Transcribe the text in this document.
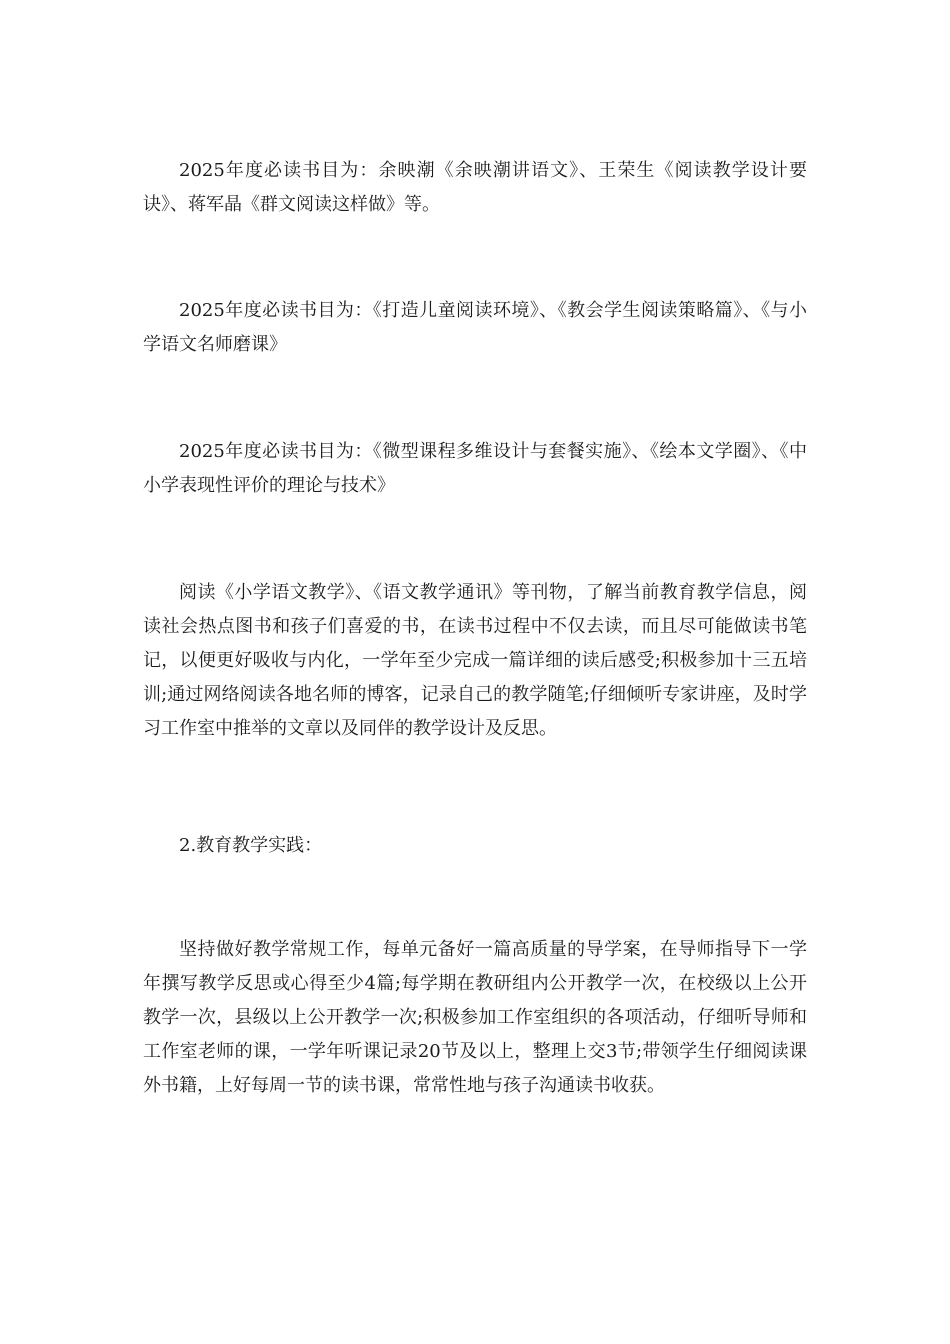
2025年度必读书目为：余映潮《余映潮讲语文》、王荣生《阅读教学设计要诀》、蒋军晶《群文阅读这样做》等。

2025年度必读书目为：《打造儿童阅读环境》、《教会学生阅读策略篇》、《与小学语文名师磨课》

2025年度必读书目为：《微型课程多维设计与套餐实施》、《绘本文学圈》、《中小学表现性评价的理论与技术》

阅读《小学语文教学》、《语文教学通讯》等刊物，了解当前教育教学信息，阅读社会热点图书和孩子们喜爱的书，在读书过程中不仅去读，而且尽可能做读书笔记，以便更好吸收与内化，一学年至少完成一篇详细的读后感受;积极参加十三五培训;通过网络阅读各地名师的博客，记录自己的教学随笔;仔细倾听专家讲座，及时学习工作室中推举的文章以及同伴的教学设计及反思。

2.教育教学实践：

坚持做好教学常规工作，每单元备好一篇高质量的导学案，在导师指导下一学年撰写教学反思或心得至少4篇;每学期在教研组内公开教学一次，在校级以上公开教学一次，县级以上公开教学一次;积极参加工作室组织的各项活动，仔细听导师和工作室老师的课，一学年听课记录20节及以上，整理上交3节;带领学生仔细阅读课外书籍，上好每周一节的读书课，常常性地与孩子沟通读书收获。
